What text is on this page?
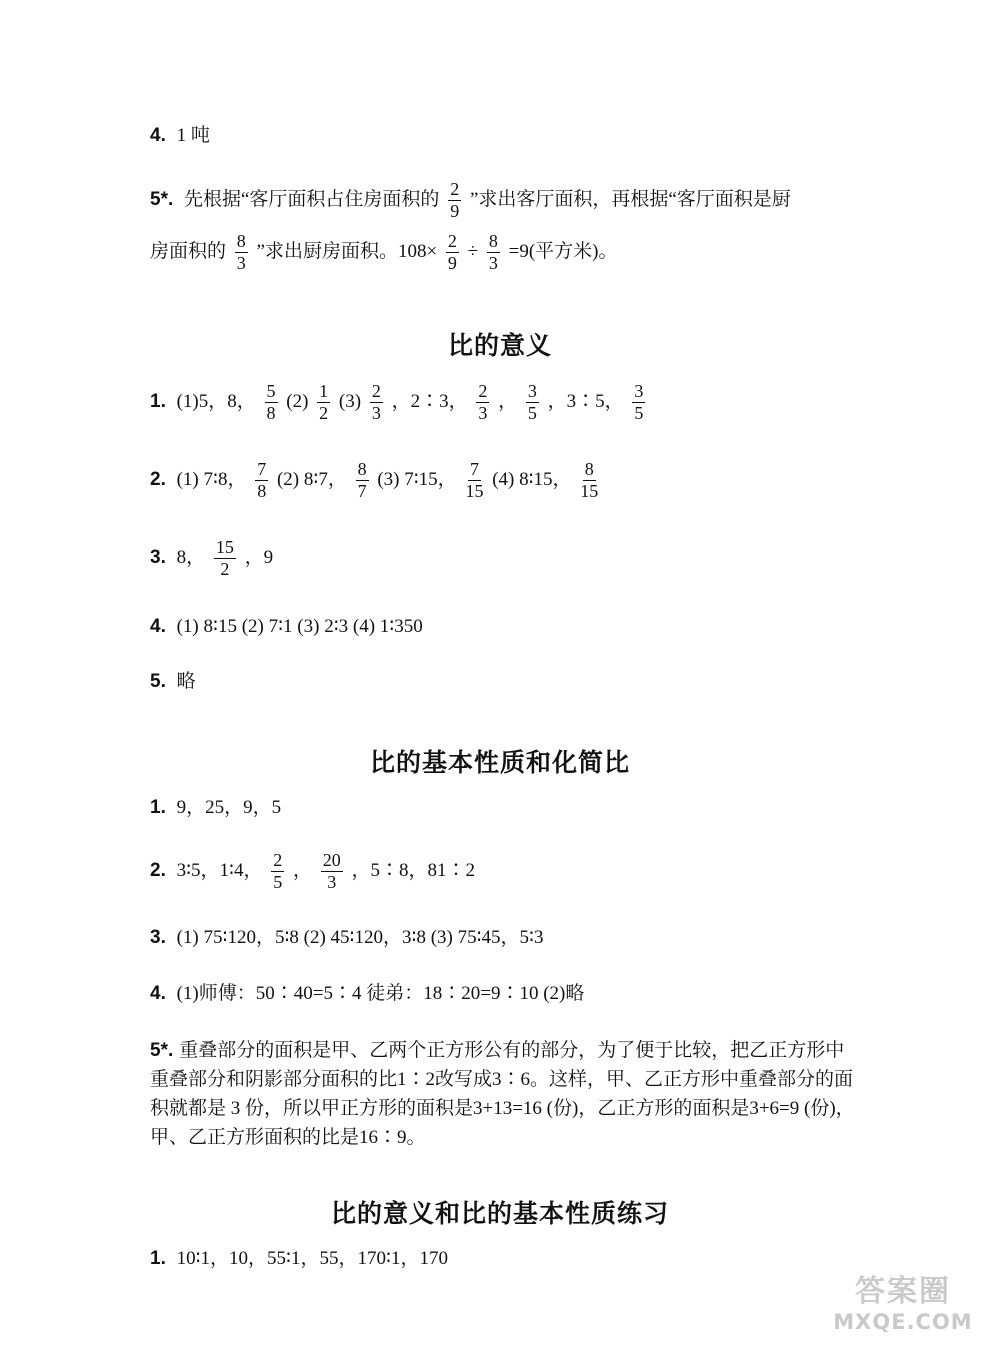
4. 1 吨
5*. 先根据“客厅面积占住房面积的 $\frac{2}{9}$ ”求出客厅面积，再根据“客厅面积是厨
房面积的 $\frac{8}{3}$ ”求出厨房面积。$108\times \frac{2}{9} \div \frac{8}{3} =9$(平方米)。
比的意义
1. (1)5，8， $\frac{5}{8} (2) \frac{1}{2} (3) \frac{2}{3}$ ，2∶3， $\frac{2}{3}$ ， $\frac{3}{5}$ ，3∶5， $\frac{3}{5}$
2. (1) 7∶8， $\frac{7}{8} (2)$ 8∶7， $\frac{8}{7} (3)$ 7∶15， $\frac{7}{15} (4)$ 8∶15， $\frac{8}{15}$
3. 8， $\frac{15}{2}$ ，9
4. (1) 8∶15 (2) 7∶1 (3) 2∶3 (4) 1∶350
5. 略
比的基本性质和化简比
1. 9，25，9，5
2. 3∶5，1∶4， $\frac{2}{5}$ ， $\frac{20}{3}$ ，5∶8，81∶2
3. (1) 75∶120，5∶8 (2) 45∶120，3∶8 (3) 75∶45，5∶3
4. (1)师傅：50∶40=5∶4 徒弟：18∶20=9∶10 (2)略
5*. 重叠部分的面积是甲、乙两个正方形公有的部分，为了便于比较，把乙正方形中重叠部分和阴影部分面积的比1∶2改写成3∶6。这样，甲、乙正方形中重叠部分的面积就都是 3 份，所以甲正方形的面积是3+13=16 (份)，乙正方形的面积是3+6=9 (份)，甲、乙正方形面积的比是16∶9。
比的意义和比的基本性质练习
1. 10∶1，10，55∶1，55，170∶1，170
答案圈
MXQE.COM
